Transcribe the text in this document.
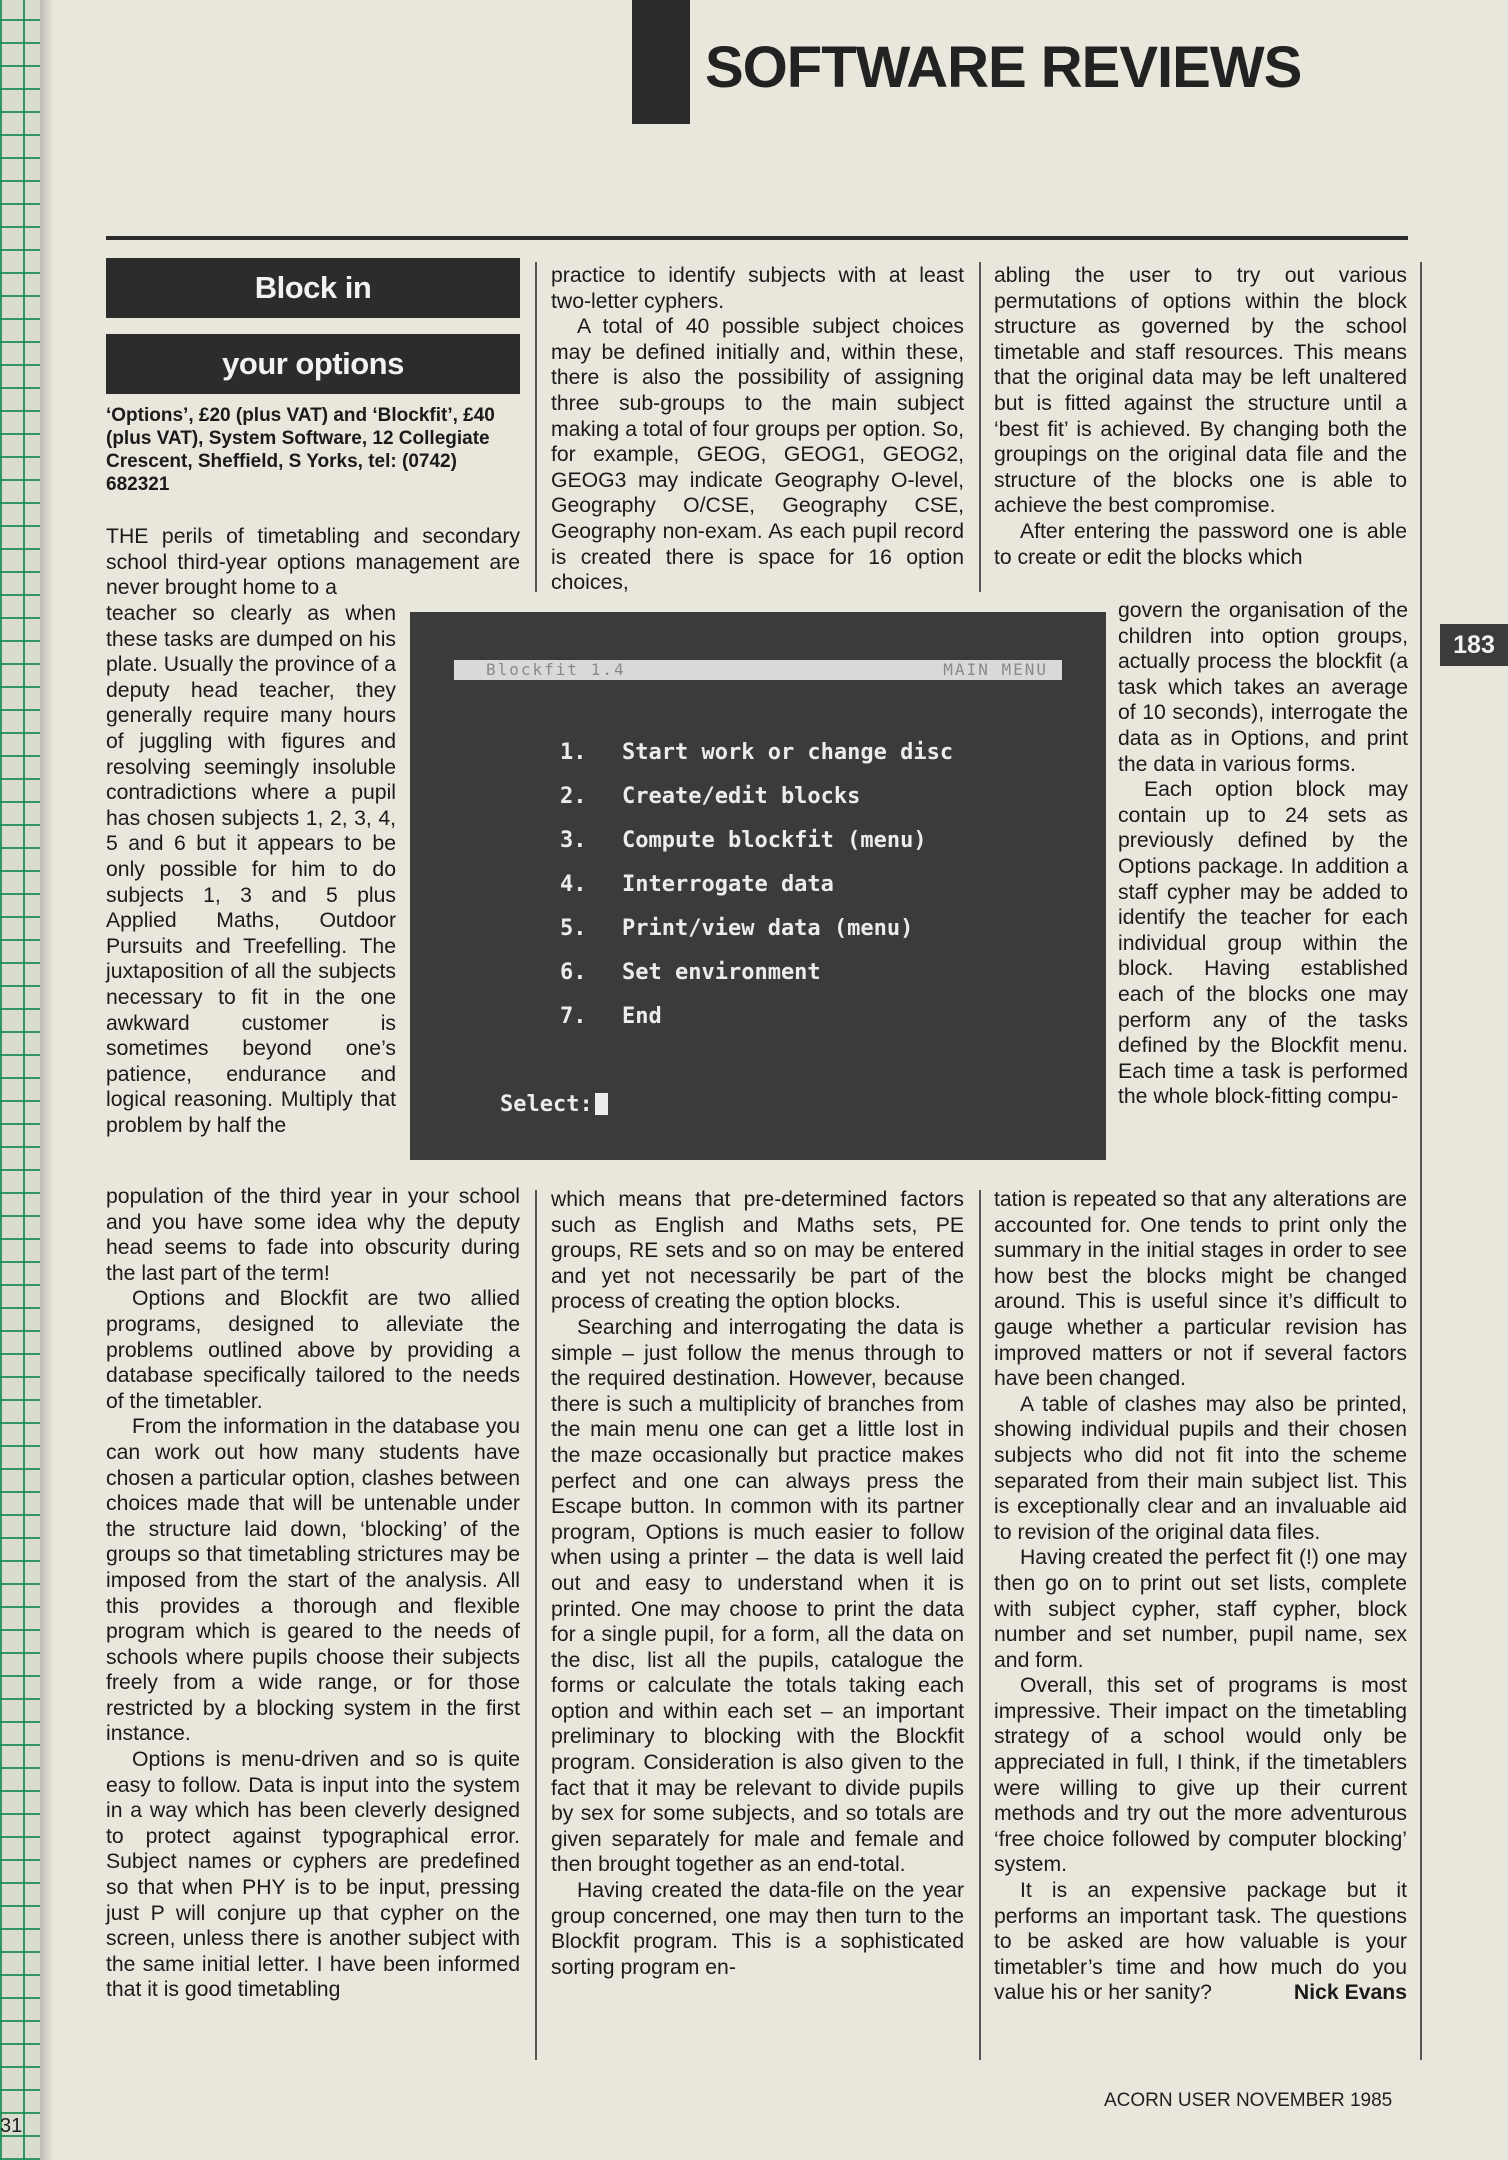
SOFTWARE REVIEWS
Block in
your options
‘Options’, £20 (plus VAT) and ‘Blockfit’, £40 (plus VAT), System Software, 12 Collegiate Crescent, Sheffield, S Yorks, tel: (0742) 682321

THE perils of timetabling and secondary school third-year options management are never brought home to a

teacher so clearly as when these tasks are dumped on his plate. Usually the province of a deputy head teacher, they generally require many hours of juggling with figures and resolving seemingly insoluble contradictions where a pupil has chosen subjects 1, 2, 3, 4, 5 and 6 but it appears to be only possible for him to do subjects 1, 3 and 5 plus Applied Maths, Outdoor Pursuits and Treefelling. The juxtaposition of all the subjects necessary to fit in the one awkward customer is sometimes beyond one’s patience, endurance and logical reasoning. Multiply that problem by half the

population of the third year in your school and you have some idea why the deputy head seems to fade into obscurity during the last part of the term!

Options and Blockfit are two allied programs, designed to alleviate the problems outlined above by providing a database specifically tailored to the needs of the timetabler.

From the information in the database you can work out how many students have chosen a particular option, clashes between choices made that will be untenable under the structure laid down, ‘blocking’ of the groups so that timetabling strictures may be imposed from the start of the analysis. All this provides a thorough and flexible program which is geared to the needs of schools where pupils choose their subjects freely from a wide range, or for those restricted by a blocking system in the first instance.

Options is menu-driven and so is quite easy to follow. Data is input into the system in a way which has been cleverly designed to protect against typographical error. Subject names or cyphers are predefined so that when PHY is to be input, pressing just P will conjure up that cypher on the screen, unless there is another subject with the same initial letter. I have been informed that it is good timetabling

practice to identify subjects with at least two-letter cyphers.

A total of 40 possible subject choices may be defined initially and, within these, there is also the possibility of assigning three sub-groups to the main subject making a total of four groups per option. So, for example, GEOG, GEOG1, GEOG2, GEOG3 may indicate Geography O-level, Geography O/CSE, Geography CSE, Geography non-exam. As each pupil record is created there is space for 16 option choices,

which means that pre-determined factors such as English and Maths sets, PE groups, RE sets and so on may be entered and yet not necessarily be part of the process of creating the option blocks.

Searching and interrogating the data is simple – just follow the menus through to the required destination. However, because there is such a multiplicity of branches from the main menu one can get a little lost in the maze occasionally but practice makes perfect and one can always press the Escape button. In common with its partner program, Options is much easier to follow when using a printer – the data is well laid out and easy to understand when it is printed. One may choose to print the data for a single pupil, for a form, all the data on the disc, list all the pupils, catalogue the forms or calculate the totals taking each option and within each set – an important preliminary to blocking with the Blockfit program. Consideration is also given to the fact that it may be relevant to divide pupils by sex for some subjects, and so totals are given separately for male and female and then brought together as an end-total.

Having created the data-file on the year group concerned, one may then turn to the Blockfit program. This is a sophisticated sorting program en-

abling the user to try out various permutations of options within the block structure as governed by the school timetable and staff resources. This means that the original data may be left unaltered but is fitted against the structure until a ‘best fit’ is achieved. By changing both the groupings on the original data file and the structure of the blocks one is able to achieve the best compromise.

After entering the password one is able to create or edit the blocks which

govern the organisation of the children into option groups, actually process the blockfit (a task which takes an average of 10 seconds), interrogate the data as in Options, and print the data in various forms.

Each option block may contain up to 24 sets as previously defined by the Options package. In addition a staff cypher may be added to identify the teacher for each individual group within the block. Having established each of the blocks one may perform any of the tasks defined by the Blockfit menu. Each time a task is performed the whole block-fitting compu-

tation is repeated so that any alterations are accounted for. One tends to print only the summary in the initial stages in order to see how best the blocks might be changed around. This is useful since it’s difficult to gauge whether a particular revision has improved matters or not if several factors have been changed.

A table of clashes may also be printed, showing individual pupils and their chosen subjects who did not fit into the scheme separated from their main subject list. This is exceptionally clear and an invaluable aid to revision of the original data files.

Having created the perfect fit (!) one may then go on to print out set lists, complete with subject cypher, staff cypher, block number and set number, pupil name, sex and form.

Overall, this set of programs is most impressive. Their impact on the timetabling strategy of a school would only be appreciated in full, I think, if the timetablers were willing to give up their current methods and try out the more adventurous ‘free choice followed by computer blocking’ system.

It is an expensive package but it performs an important task. The questions to be asked are how valuable is your timetabler’s time and how much do you value his or her sanity?	Nick Evans

Blockfit 1.4	MAIN MENU
1. Start work or change disc
2. Create/edit blocks
3. Compute blockfit (menu)
4. Interrogate data
5. Print/view data (menu)
6. Set environment
7. End
Select:
183
ACORN USER NOVEMBER 1985
31
